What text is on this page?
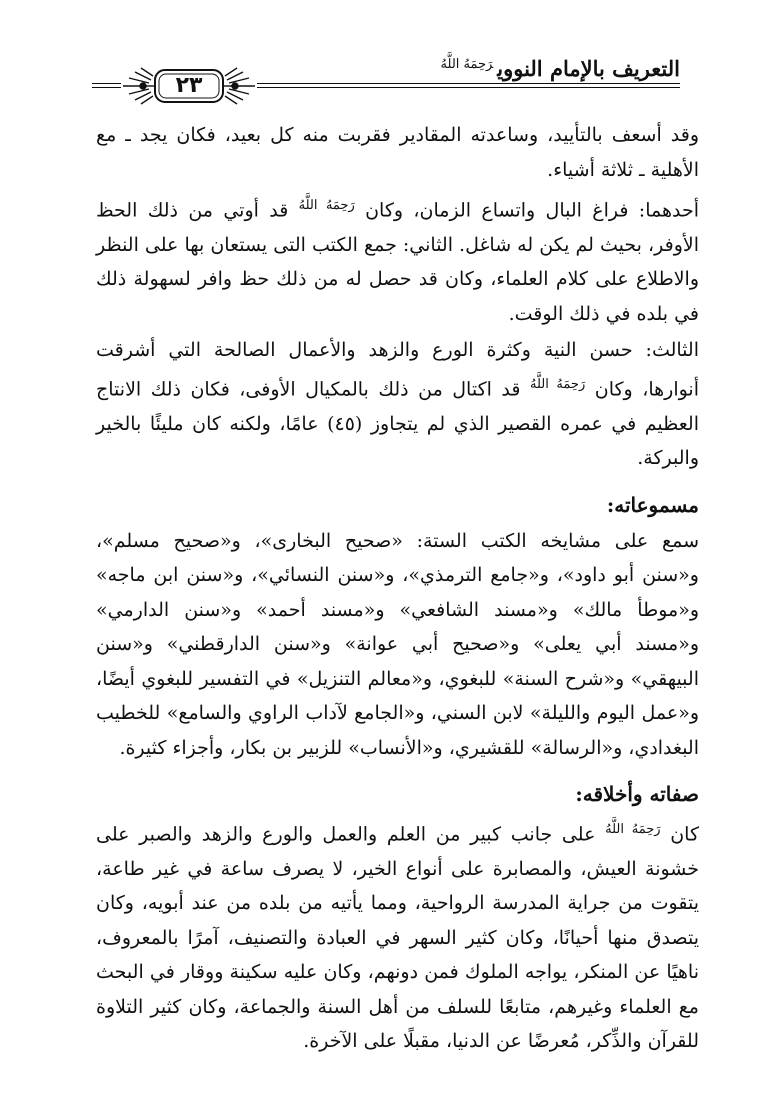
التعريف بالإمام النووي$^{رَحِمَهُ اللَّهُ}$
٢٣

وقد أسعف بالتأييد، وساعدته المقادير فقربت منه كل بعيد، فكان يجد ـ مع الأهلية ـ ثلاثة أشياء.

أحدهما: فراغ البال واتساع الزمان، وكان $^{رَحِمَهُ اللَّهُ}$ قد أوتي من ذلك الحظ الأوفر، بحيث لم يكن له شاغل. الثاني: جمع الكتب التى يستعان بها على النظر والاطلاع على كلام العلماء، وكان قد حصل له من ذلك حظ وافر لسهولة ذلك في بلده في ذلك الوقت.

الثالث: حسن النية وكثرة الورع والزهد والأعمال الصالحة التي أشرقت أنوارها، وكان $^{رَحِمَهُ اللَّهُ}$ قد اكتال من ذلك بالمكيال الأوفى، فكان ذلك الانتاج العظيم في عمره القصير الذي لم يتجاوز (٤٥) عامًا، ولكنه كان مليئًا بالخير والبركة.

مسموعاته:

سمع على مشايخه الكتب الستة: «صحيح البخارى»، و«صحيح مسلم»، و«سنن أبو داود»، و«جامع الترمذي»، و«سنن النسائي»، و«سنن ابن ماجه» و«موطأ مالك» و«مسند الشافعي» و«مسند أحمد» و«سنن الدارمي» و«مسند أبي يعلى» و«صحيح أبي عوانة» و«سنن الدارقطني» و«سنن البيهقي» و«شرح السنة» للبغوي، و«معالم التنزيل» في التفسير للبغوي أيضًا، و«عمل اليوم والليلة» لابن السني، و«الجامع لآداب الراوي والسامع» للخطيب البغدادي، و«الرسالة» للقشيري، و«الأنساب» للزبير بن بكار، وأجزاء كثيرة.

صفاته وأخلاقه:

كان $^{رَحِمَهُ اللَّهُ}$ على جانب كبير من العلم والعمل والورع والزهد والصبر على خشونة العيش، والمصابرة على أنواع الخير، لا يصرف ساعة في غير طاعة، يتقوت من جراية المدرسة الرواحية، ومما يأتيه من بلده من عند أبويه، وكان يتصدق منها أحيانًا، وكان كثير السهر في العبادة والتصنيف، آمرًا بالمعروف، ناهيًا عن المنكر، يواجه الملوك فمن دونهم، وكان عليه سكينة ووقار في البحث مع العلماء وغيرهم، متابعًا للسلف من أهل السنة والجماعة، وكان كثير التلاوة للقرآن والذِّكر، مُعرضًا عن الدنيا، مقبلًا على الآخرة.
